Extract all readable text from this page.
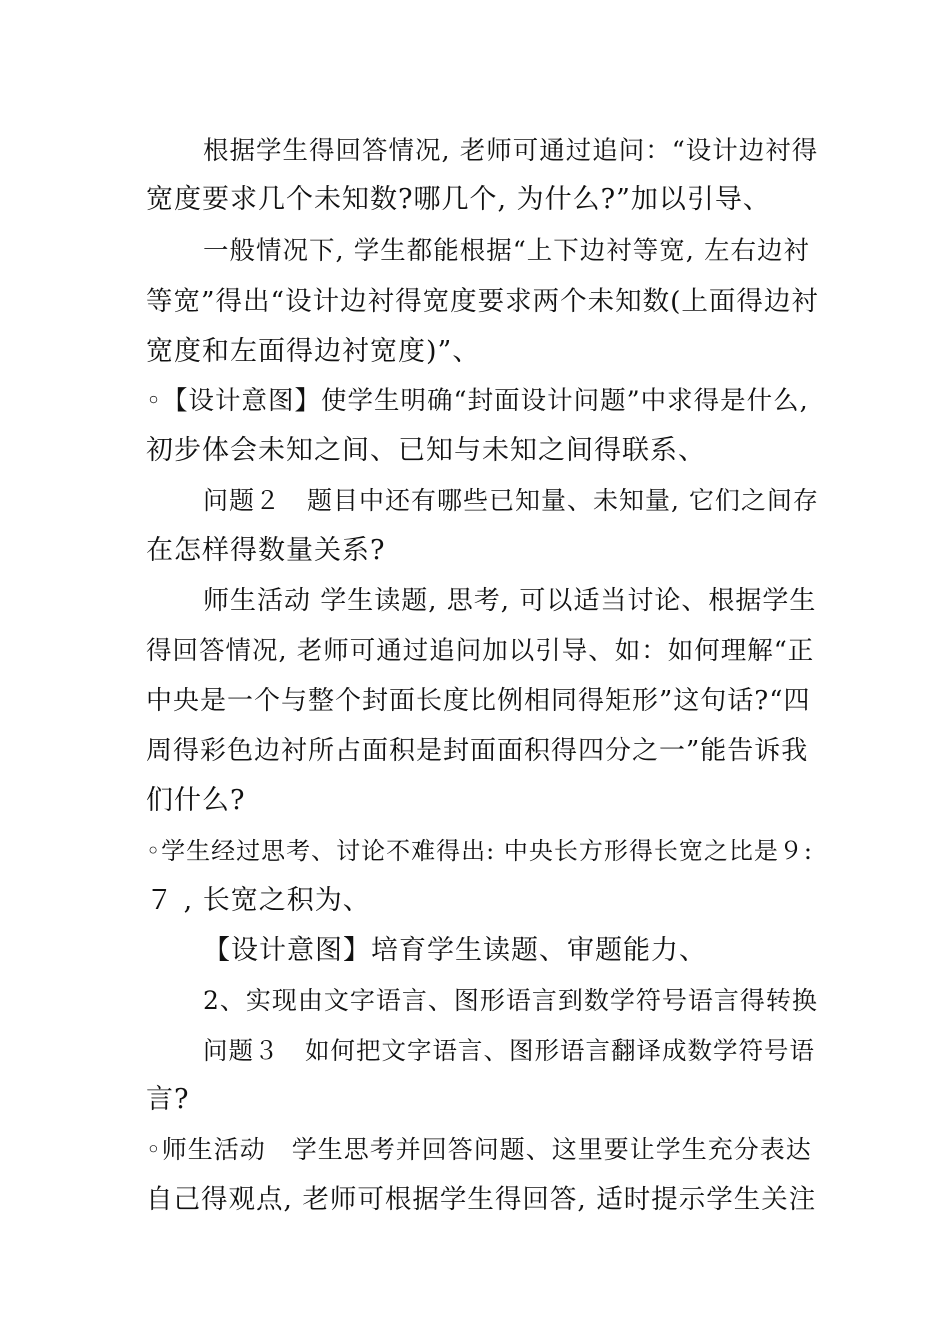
根据学生得回答情况, 老师可通过追问：“设计边衬得
宽度要求几个未知数?哪几个, 为什么?”加以引导、
一般情况下, 学生都能根据“上下边衬等宽, 左右边衬
等宽”得出“设计边衬得宽度要求两个未知数(上面得边衬
宽度和左面得边衬宽度)”、
◦【设计意图】使学生明确“封面设计问题”中求得是什么,
初步体会未知之间、已知与未知之间得联系、
问题２　题目中还有哪些已知量、未知量, 它们之间存
在怎样得数量关系?
师生活动 学生读题, 思考, 可以适当讨论、根据学生
得回答情况, 老师可通过追问加以引导、如：如何理解“正
中央是一个与整个封面长度比例相同得矩形”这句话?“四
周得彩色边衬所占面积是封面面积得四分之一”能告诉我
们什么?
◦学生经过思考、讨论不难得出: 中央长方形得长宽之比是９:
７ , 长宽之积为、
【设计意图】培育学生读题、审题能力、
2、实现由文字语言、图形语言到数学符号语言得转换
问题３　如何把文字语言、图形语言翻译成数学符号语
言?
◦师生活动　学生思考并回答问题、这里要让学生充分表达
自己得观点, 老师可根据学生得回答, 适时提示学生关注
